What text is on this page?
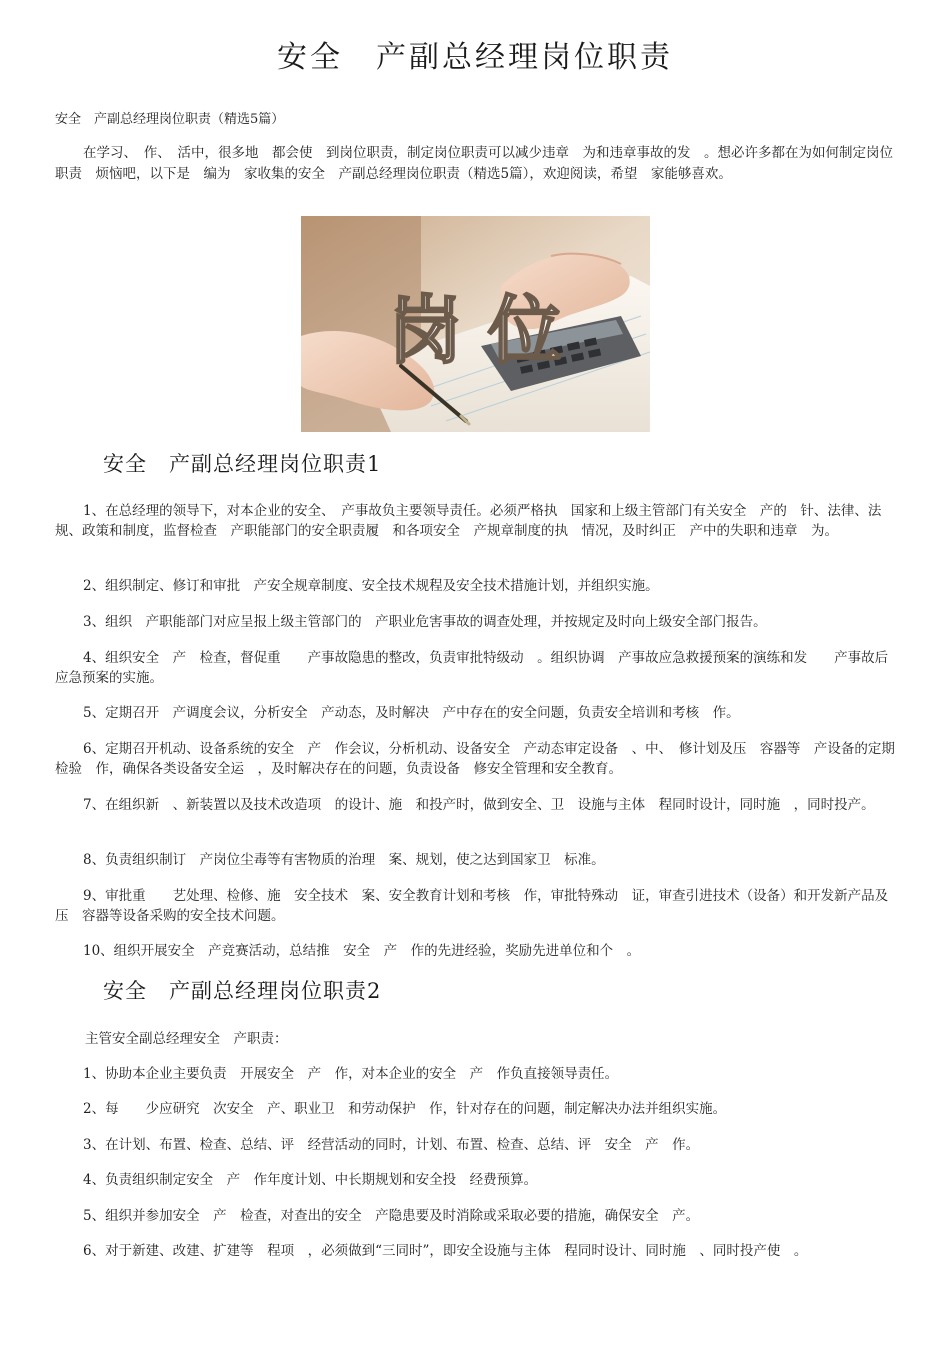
安全　产副总经理岗位职责
安全　产副总经理岗位职责（精选5篇）
在学习、　作、　活中，很多地　都会使　到岗位职责，制定岗位职责可以减少违章　为和违章事故的发　。想必许多都在为如何制定岗位职责　烦恼吧，以下是　编为　家收集的安全　产副总经理岗位职责（精选5篇），欢迎阅读，希望　家能够喜欢。
岗 位
安全　产副总经理岗位职责1
1、在总经理的领导下，对本企业的安全、　产事故负主要领导责任。必须严格执　国家和上级主管部门有关安全　产的　针、法律、法规、政策和制度，监督检查　产职能部门的安全职责履　和各项安全　产规章制度的执　情况，及时纠正　产中的失职和违章　为。
2、组织制定、修订和审批　产安全规章制度、安全技术规程及安全技术措施计划，并组织实施。
3、组织　产职能部门对应呈报上级主管部门的　产职业危害事故的调查处理，并按规定及时向上级安全部门报告。
4、组织安全　产　检查，督促重　　产事故隐患的整改，负责审批特级动　。组织协调　产事故应急救援预案的演练和发　　产事故后应急预案的实施。
5、定期召开　产调度会议，分析安全　产动态，及时解决　产中存在的安全问题，负责安全培训和考核　作。
6、定期召开机动、设备系统的安全　产　作会议，分析机动、设备安全　产动态审定设备　、中、　修计划及压　容器等　产设备的定期检验　作，确保各类设备安全运　，及时解决存在的问题，负责设备　修安全管理和安全教育。
7、在组织新　、新装置以及技术改造项　的设计、施　和投产时，做到安全、卫　设施与主体　程同时设计，同时施　，同时投产。
8、负责组织制订　产岗位尘毒等有害物质的治理　案、规划，使之达到国家卫　标准。
9、审批重　　艺处理、检修、施　安全技术　案、安全教育计划和考核　作，审批特殊动　证，审查引进技术（设备）和开发新产品及压　容器等设备采购的安全技术问题。
10、组织开展安全　产竞赛活动，总结推　安全　产　作的先进经验，奖励先进单位和个　。
安全　产副总经理岗位职责2
主管安全副总经理安全　产职责：
1、协助本企业主要负责　开展安全　产　作，对本企业的安全　产　作负直接领导责任。
2、每　　少应研究　次安全　产、职业卫　和劳动保护　作，针对存在的问题，制定解决办法并组织实施。
3、在计划、布置、检查、总结、评　经营活动的同时，计划、布置、检查、总结、评　安全　产　作。
4、负责组织制定安全　产　作年度计划、中长期规划和安全投　经费预算。
5、组织并参加安全　产　检查，对查出的安全　产隐患要及时消除或采取必要的措施，确保安全　产。
6、对于新建、改建、扩建等　程项　，必须做到“三同时”，即安全设施与主体　程同时设计、同时施　、同时投产使　。
